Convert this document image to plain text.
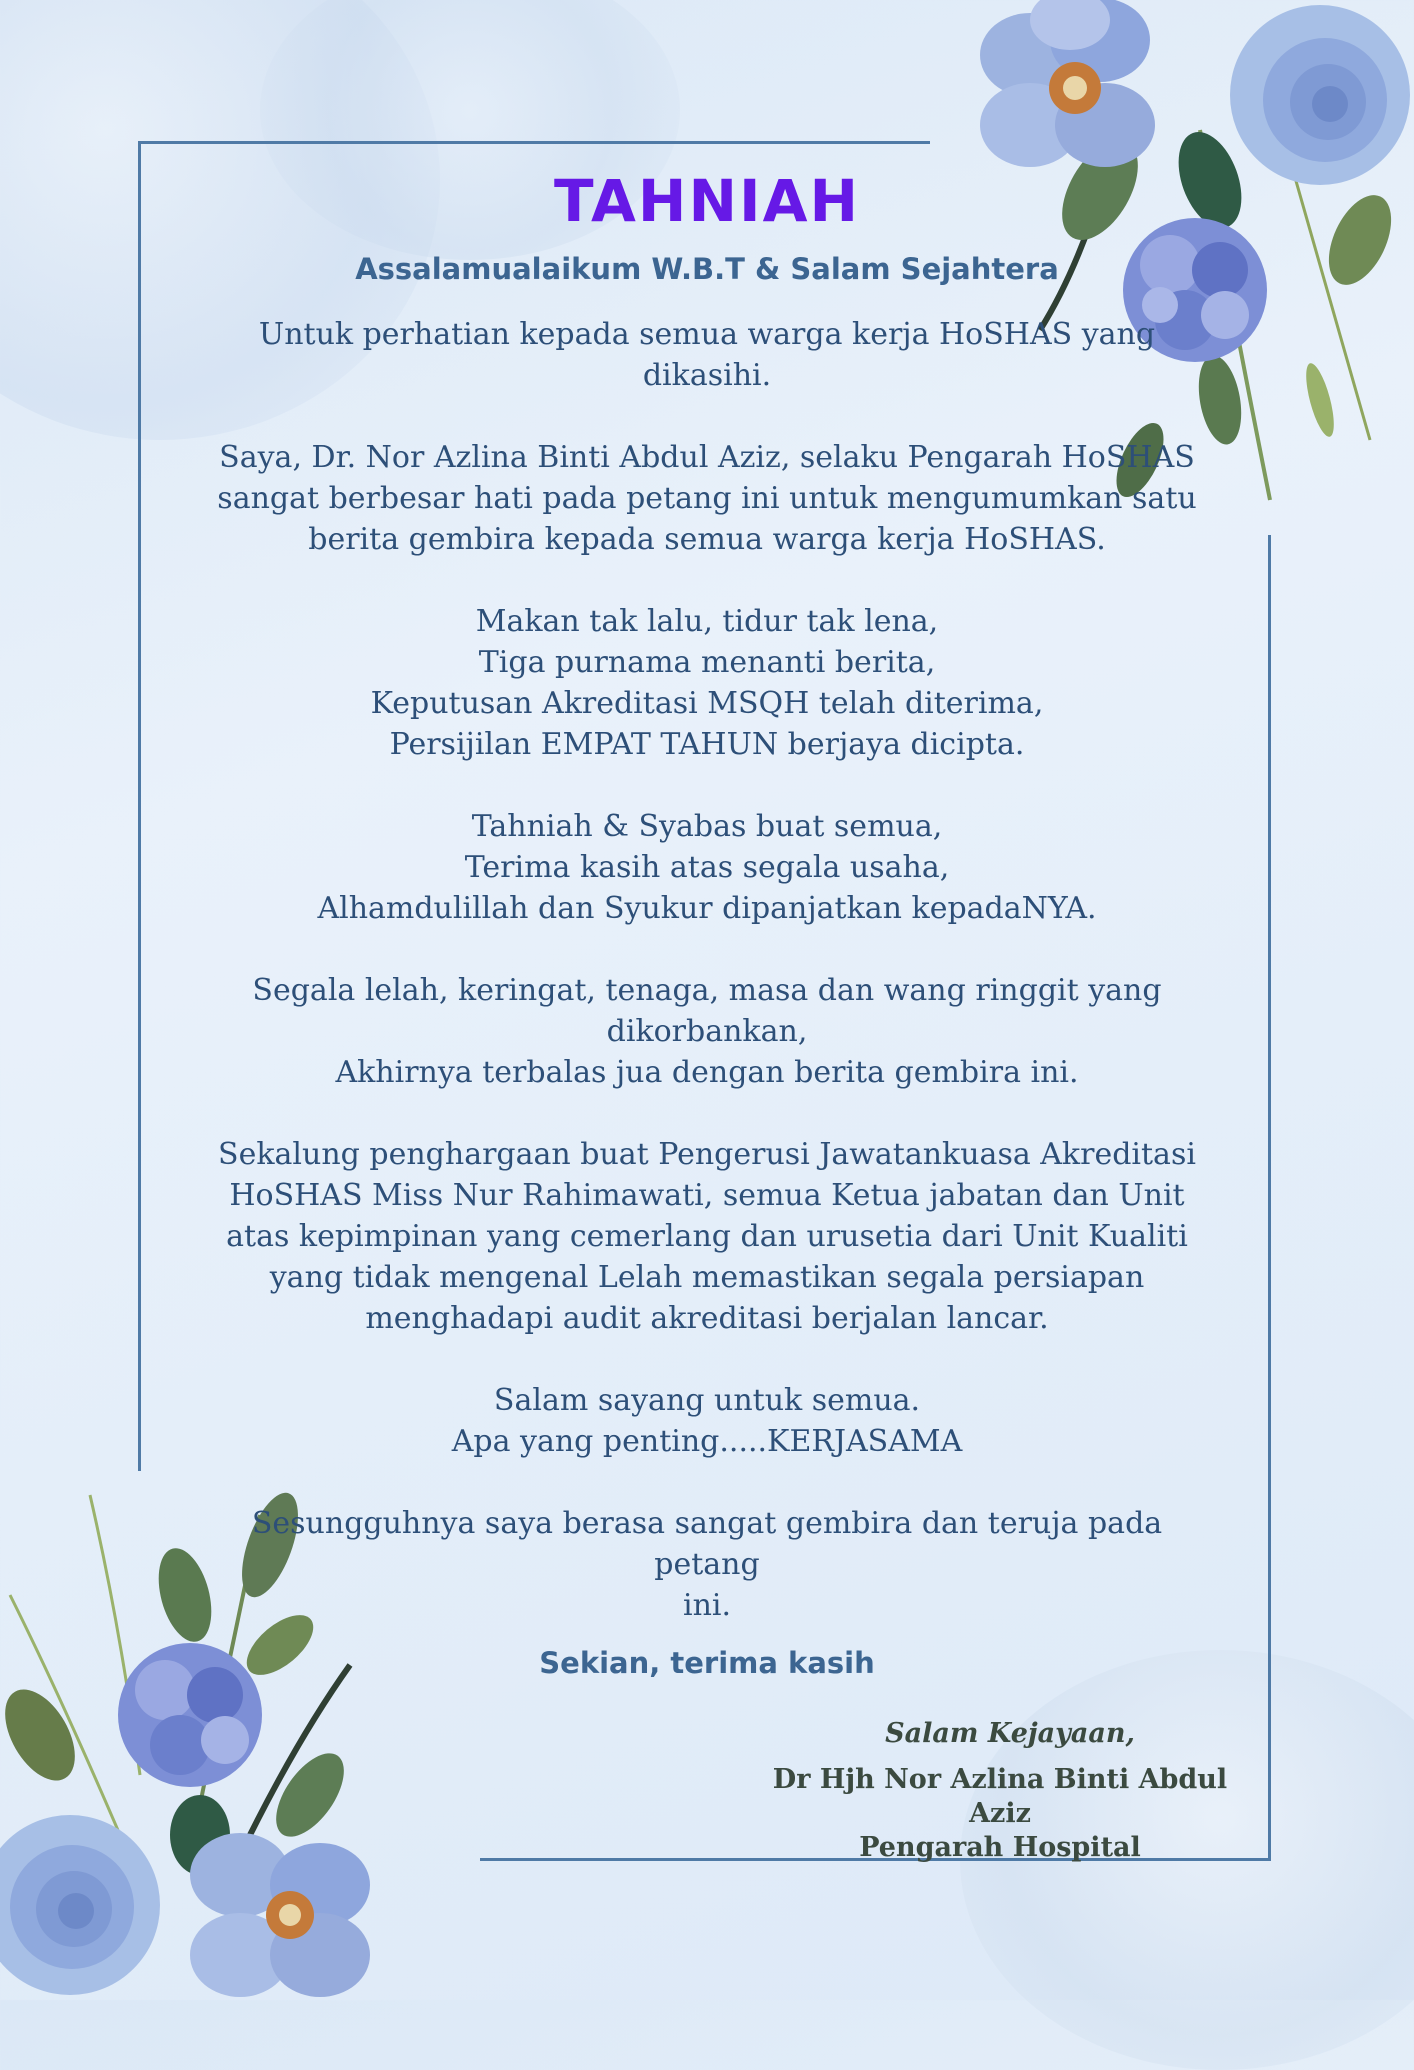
TAHNIAH
Assalamualaikum W.B.T & Salam Sejahtera
Untuk perhatian kepada semua warga kerja HoSHAS yang
dikasihi.
Saya, Dr. Nor Azlina Binti Abdul Aziz, selaku Pengarah HoSHAS
sangat berbesar hati pada petang ini untuk mengumumkan satu
berita gembira kepada semua warga kerja HoSHAS.
Makan tak lalu, tidur tak lena,
Tiga purnama menanti berita,
Keputusan Akreditasi MSQH telah diterima,
Persijilan EMPAT TAHUN berjaya dicipta.
Tahniah & Syabas buat semua,
Terima kasih atas segala usaha,
Alhamdulillah dan Syukur dipanjatkan kepadaNYA.
Segala lelah, keringat, tenaga, masa dan wang ringgit yang
dikorbankan,
Akhirnya terbalas jua dengan berita gembira ini.
Sekalung penghargaan buat Pengerusi Jawatankuasa Akreditasi
HoSHAS Miss Nur Rahimawati, semua Ketua jabatan dan Unit
atas kepimpinan yang cemerlang dan urusetia dari Unit Kualiti
yang tidak mengenal Lelah memastikan segala persiapan
menghadapi audit akreditasi berjalan lancar.
Salam sayang untuk semua.
Apa yang penting.....KERJASAMA
Sesungguhnya saya berasa sangat gembira dan teruja pada petang
ini.
Sekian, terima kasih
Salam Kejayaan,
Dr Hjh Nor Azlina Binti Abdul Aziz
Pengarah Hospital
